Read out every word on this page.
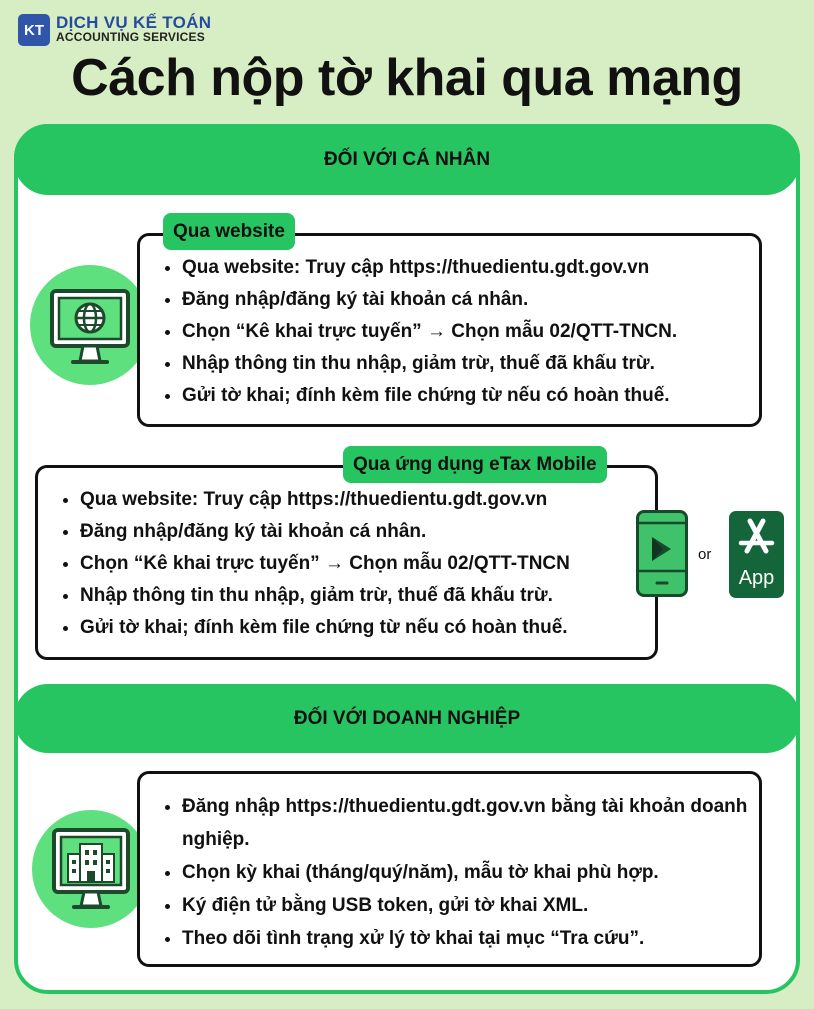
KT DỊCH VỤ KẾ TOÁN
ACCOUNTING SERVICES
Cách nộp tờ khai qua mạng
ĐỐI VỚI CÁ NHÂN
Qua website
• Qua website: Truy cập https://thuedientu.gdt.gov.vn
• Đăng nhập/đăng ký tài khoản cá nhân.
• Chọn “Kê khai trực tuyến” → Chọn mẫu 02/QTT-TNCN.
• Nhập thông tin thu nhập, giảm trừ, thuế đã khấu trừ.
• Gửi tờ khai; đính kèm file chứng từ nếu có hoàn thuế.
Qua ứng dụng eTax Mobile
• Qua website: Truy cập https://thuedientu.gdt.gov.vn
• Đăng nhập/đăng ký tài khoản cá nhân.
• Chọn “Kê khai trực tuyến” → Chọn mẫu 02/QTT-TNCN
• Nhập thông tin thu nhập, giảm trừ, thuế đã khấu trừ.
• Gửi tờ khai; đính kèm file chứng từ nếu có hoàn thuế.
or
App
ĐỐI VỚI DOANH NGHIỆP
• Đăng nhập https://thuedientu.gdt.gov.vn bằng tài khoản doanh nghiệp.
• Chọn kỳ khai (tháng/quý/năm), mẫu tờ khai phù hợp.
• Ký điện tử bằng USB token, gửi tờ khai XML.
• Theo dõi tình trạng xử lý tờ khai tại mục “Tra cứu”.
